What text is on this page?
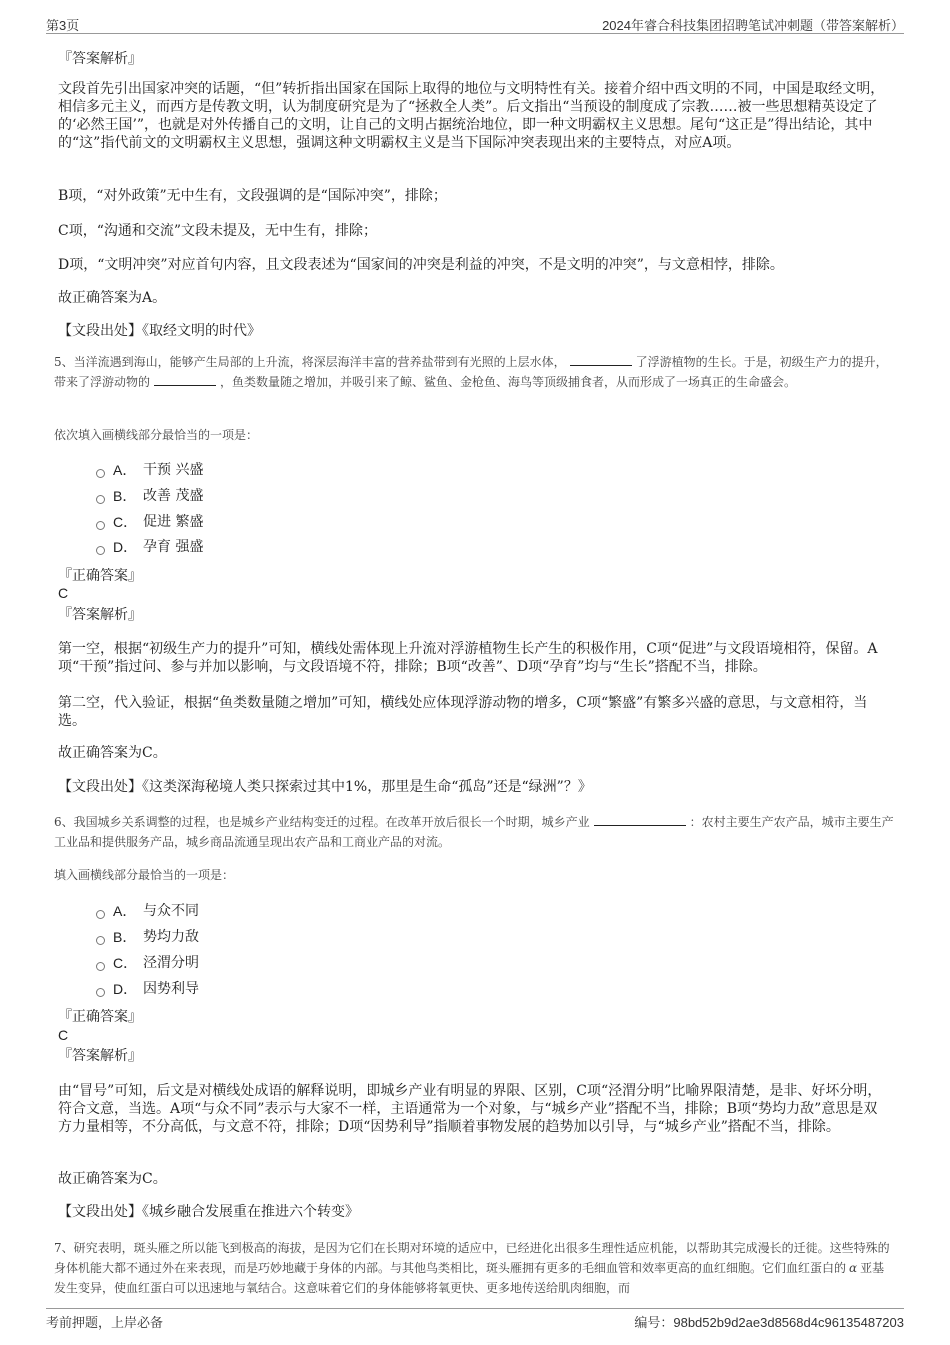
第3页	2024年睿合科技集团招聘笔试冲刺题（带答案解析）
『答案解析』
文段首先引出国家冲突的话题，“但”转折指出国家在国际上取得的地位与文明特性有关。接着介绍中西文明的不同，中国是取经文明，相信多元主义，而西方是传教文明，认为制度研究是为了“拯救全人类”。后文指出“当预设的制度成了宗教……被一些思想精英设定了的‘必然王国’”，也就是对外传播自己的文明，让自己的文明占据统治地位，即一种文明霸权主义思想。尾句“这正是”得出结论，其中的“这”指代前文的文明霸权主义思想，强调这种文明霸权主义是当下国际冲突表现出来的主要特点，对应A项。
B项，“对外政策”无中生有，文段强调的是“国际冲突”，排除；
C项，“沟通和交流”文段未提及，无中生有，排除；
D项，“文明冲突”对应首句内容，且文段表述为“国家间的冲突是利益的冲突，不是文明的冲突”，与文意相悖，排除。
故正确答案为A。
【文段出处】《取经文明的时代》
5、当洋流遇到海山，能够产生局部的上升流，将深层海洋丰富的营养盐带到有光照的上层水体，	了浮游植物的生长。于是，初级生产力的提升，带来了浮游动物的	，鱼类数量随之增加，并吸引来了鲸、鲨鱼、金枪鱼、海鸟等顶级捕食者，从而形成了一场真正的生命盛会。
依次填入画横线部分最恰当的一项是：
A． 干预 兴盛
B． 改善 茂盛
C． 促进 繁盛
D． 孕育 强盛
『正确答案』
C
『答案解析』
第一空，根据“初级生产力的提升”可知，横线处需体现上升流对浮游植物生长产生的积极作用，C项“促进”与文段语境相符，保留。A项“干预”指过问、参与并加以影响，与文段语境不符，排除；B项“改善”、D项“孕育”均与“生长”搭配不当，排除。
第二空，代入验证，根据“鱼类数量随之增加”可知，横线处应体现浮游动物的增多，C项“繁盛”有繁多兴盛的意思，与文意相符，当选。
故正确答案为C。
【文段出处】《这类深海秘境人类只探索过其中1%，那里是生命“孤岛”还是“绿洲”？》
6、我国城乡关系调整的过程，也是城乡产业结构变迁的过程。在改革开放后很长一个时期，城乡产业	：农村主要生产农产品，城市主要生产工业品和提供服务产品，城乡商品流通呈现出农产品和工商业产品的对流。
填入画横线部分最恰当的一项是：
A． 与众不同
B． 势均力敌
C． 泾渭分明
D． 因势利导
『正确答案』
C
『答案解析』
由“冒号”可知，后文是对横线处成语的解释说明，即城乡产业有明显的界限、区别，C项“泾渭分明”比喻界限清楚，是非、好坏分明，符合文意，当选。A项“与众不同”表示与大家不一样，主语通常为一个对象，与“城乡产业”搭配不当，排除；B项“势均力敌”意思是双方力量相等，不分高低，与文意不符，排除；D项“因势利导”指顺着事物发展的趋势加以引导，与“城乡产业”搭配不当，排除。
故正确答案为C。
【文段出处】《城乡融合发展重在推进六个转变》
7、研究表明，斑头雁之所以能飞到极高的海拔，是因为它们在长期对环境的适应中，已经进化出很多生理性适应机能，以帮助其完成漫长的迁徙。这些特殊的身体机能大都不通过外在来表现，而是巧妙地藏于身体的内部。与其他鸟类相比，斑头雁拥有更多的毛细血管和效率更高的血红细胞。它们血红蛋白的 α 亚基发生变异，使血红蛋白可以迅速地与氧结合。这意味着它们的身体能够将氧更快、更多地传送给肌肉细胞，而
考前押题，上岸必备	编号：98bd52b9d2ae3d8568d4c96135487203
